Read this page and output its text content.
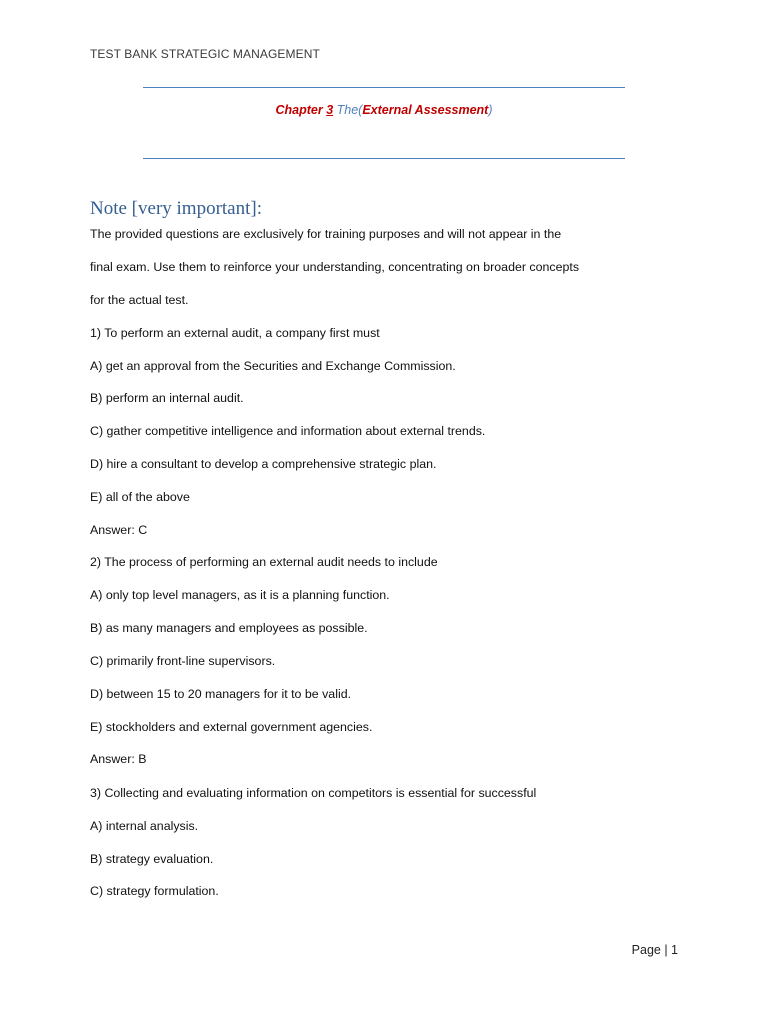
TEST BANK STRATEGIC MANAGEMENT
Chapter 3 The(External Assessment)
Note [very important]:
The provided questions are exclusively for training purposes and will not appear in the
final exam. Use them to reinforce your understanding, concentrating on broader concepts
for the actual test.
1) To perform an external audit, a company first must
A) get an approval from the Securities and Exchange Commission.
B) perform an internal audit.
C) gather competitive intelligence and information about external trends.
D) hire a consultant to develop a comprehensive strategic plan.
E) all of the above
Answer: C
2) The process of performing an external audit needs to include
A) only top level managers, as it is a planning function.
B) as many managers and employees as possible.
C) primarily front-line supervisors.
D) between 15 to 20 managers for it to be valid.
E) stockholders and external government agencies.
Answer: B
3) Collecting and evaluating information on competitors is essential for successful
A) internal analysis.
B) strategy evaluation.
C) strategy formulation.
Page | 1
